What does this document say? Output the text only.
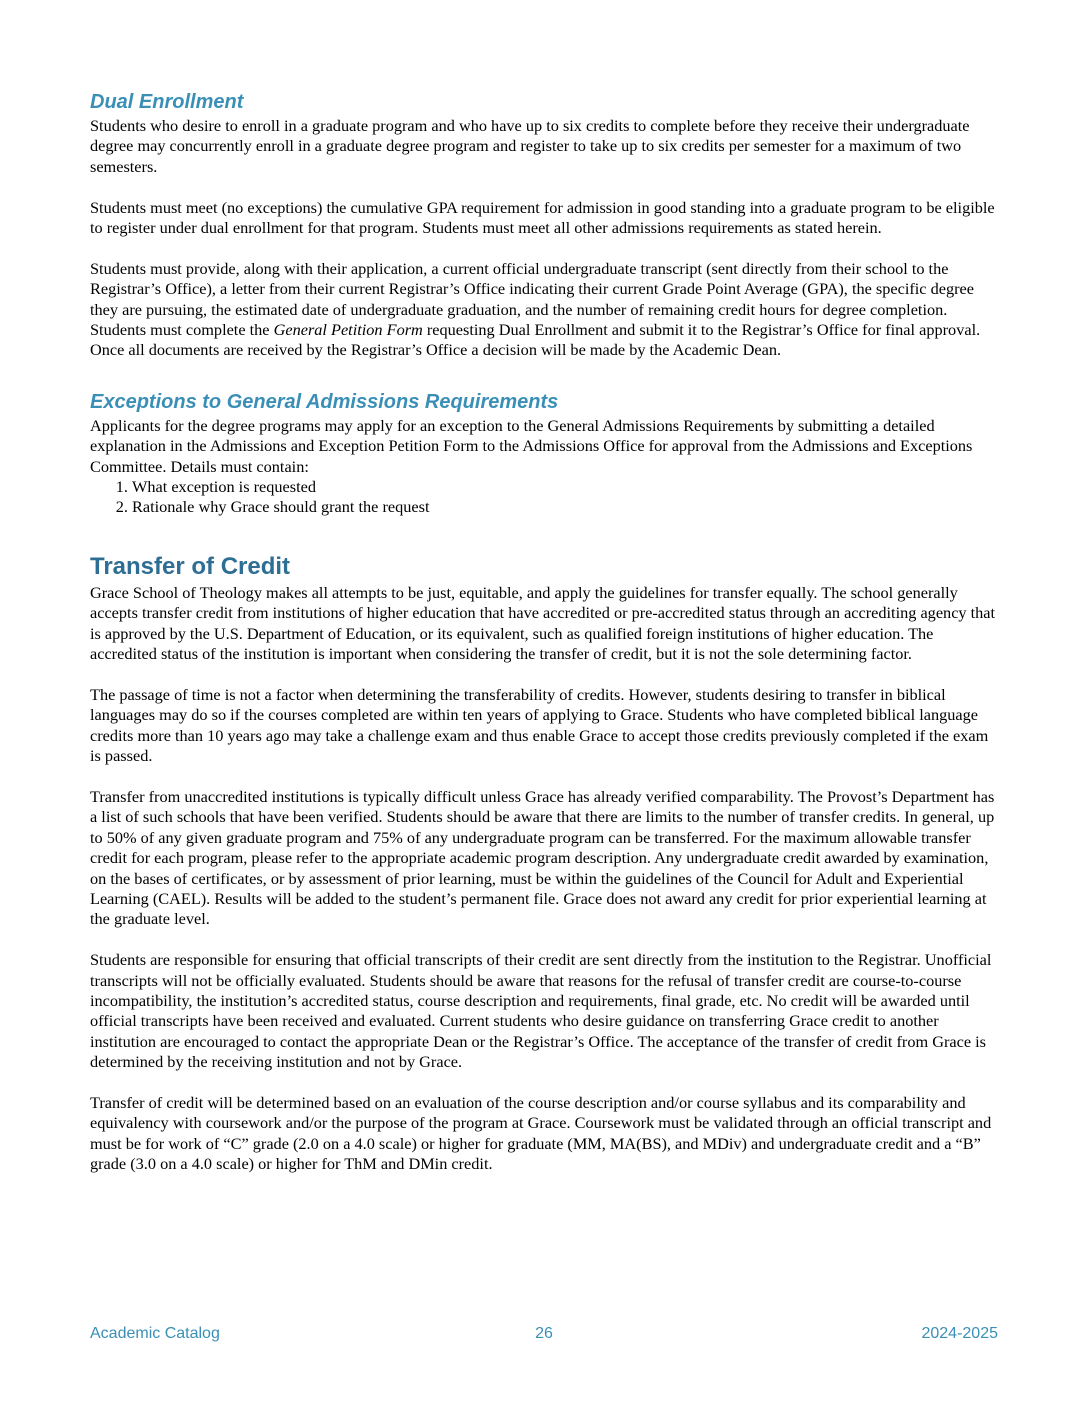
Dual Enrollment

Students who desire to enroll in a graduate program and who have up to six credits to complete before they receive their undergraduate degree may concurrently enroll in a graduate degree program and register to take up to six credits per semester for a maximum of two semesters.

Students must meet (no exceptions) the cumulative GPA requirement for admission in good standing into a graduate program to be eligible to register under dual enrollment for that program. Students must meet all other admissions requirements as stated herein.

Students must provide, along with their application, a current official undergraduate transcript (sent directly from their school to the Registrar’s Office), a letter from their current Registrar’s Office indicating their current Grade Point Average (GPA), the specific degree they are pursuing, the estimated date of undergraduate graduation, and the number of remaining credit hours for degree completion. Students must complete the General Petition Form requesting Dual Enrollment and submit it to the Registrar’s Office for final approval. Once all documents are received by the Registrar’s Office a decision will be made by the Academic Dean.

Exceptions to General Admissions Requirements

Applicants for the degree programs may apply for an exception to the General Admissions Requirements by submitting a detailed explanation in the Admissions and Exception Petition Form to the Admissions Office for approval from the Admissions and Exceptions Committee. Details must contain:

1. What exception is requested
2. Rationale why Grace should grant the request
Transfer of Credit

Grace School of Theology makes all attempts to be just, equitable, and apply the guidelines for transfer equally. The school generally accepts transfer credit from institutions of higher education that have accredited or pre-accredited status through an accrediting agency that is approved by the U.S. Department of Education, or its equivalent, such as qualified foreign institutions of higher education. The accredited status of the institution is important when considering the transfer of credit, but it is not the sole determining factor.

The passage of time is not a factor when determining the transferability of credits. However, students desiring to transfer in biblical languages may do so if the courses completed are within ten years of applying to Grace. Students who have completed biblical language credits more than 10 years ago may take a challenge exam and thus enable Grace to accept those credits previously completed if the exam is passed.

Transfer from unaccredited institutions is typically difficult unless Grace has already verified comparability. The Provost’s Department has a list of such schools that have been verified. Students should be aware that there are limits to the number of transfer credits. In general, up to 50% of any given graduate program and 75% of any undergraduate program can be transferred. For the maximum allowable transfer credit for each program, please refer to the appropriate academic program description. Any undergraduate credit awarded by examination, on the bases of certificates, or by assessment of prior learning, must be within the guidelines of the Council for Adult and Experiential Learning (CAEL). Results will be added to the student’s permanent file. Grace does not award any credit for prior experiential learning at the graduate level.

Students are responsible for ensuring that official transcripts of their credit are sent directly from the institution to the Registrar. Unofficial transcripts will not be officially evaluated. Students should be aware that reasons for the refusal of transfer credit are course-to-course incompatibility, the institution’s accredited status, course description and requirements, final grade, etc. No credit will be awarded until official transcripts have been received and evaluated. Current students who desire guidance on transferring Grace credit to another institution are encouraged to contact the appropriate Dean or the Registrar’s Office. The acceptance of the transfer of credit from Grace is determined by the receiving institution and not by Grace.

Transfer of credit will be determined based on an evaluation of the course description and/or course syllabus and its comparability and equivalency with coursework and/or the purpose of the program at Grace. Coursework must be validated through an official transcript and must be for work of “C” grade (2.0 on a 4.0 scale) or higher for graduate (MM, MA(BS), and MDiv) and undergraduate credit and a “B” grade (3.0 on a 4.0 scale) or higher for ThM and DMin credit.

Academic Catalog	26	2024-2025
